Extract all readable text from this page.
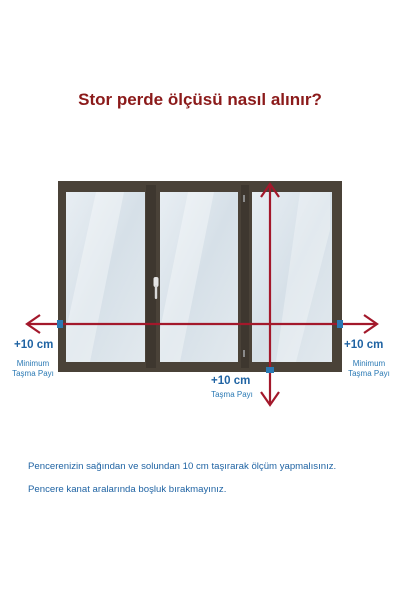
Stor perde ölçüsü nasıl alınır?
+10 cm
Minimum
Taşma Payı
+10 cm
Minimum
Taşma Payı
+10 cm
Taşma Payı

Pencerenizin sağından ve solundan 10 cm taşırarak ölçüm yapmalısınız.

Pencere kanat aralarında boşluk bırakmayınız.
